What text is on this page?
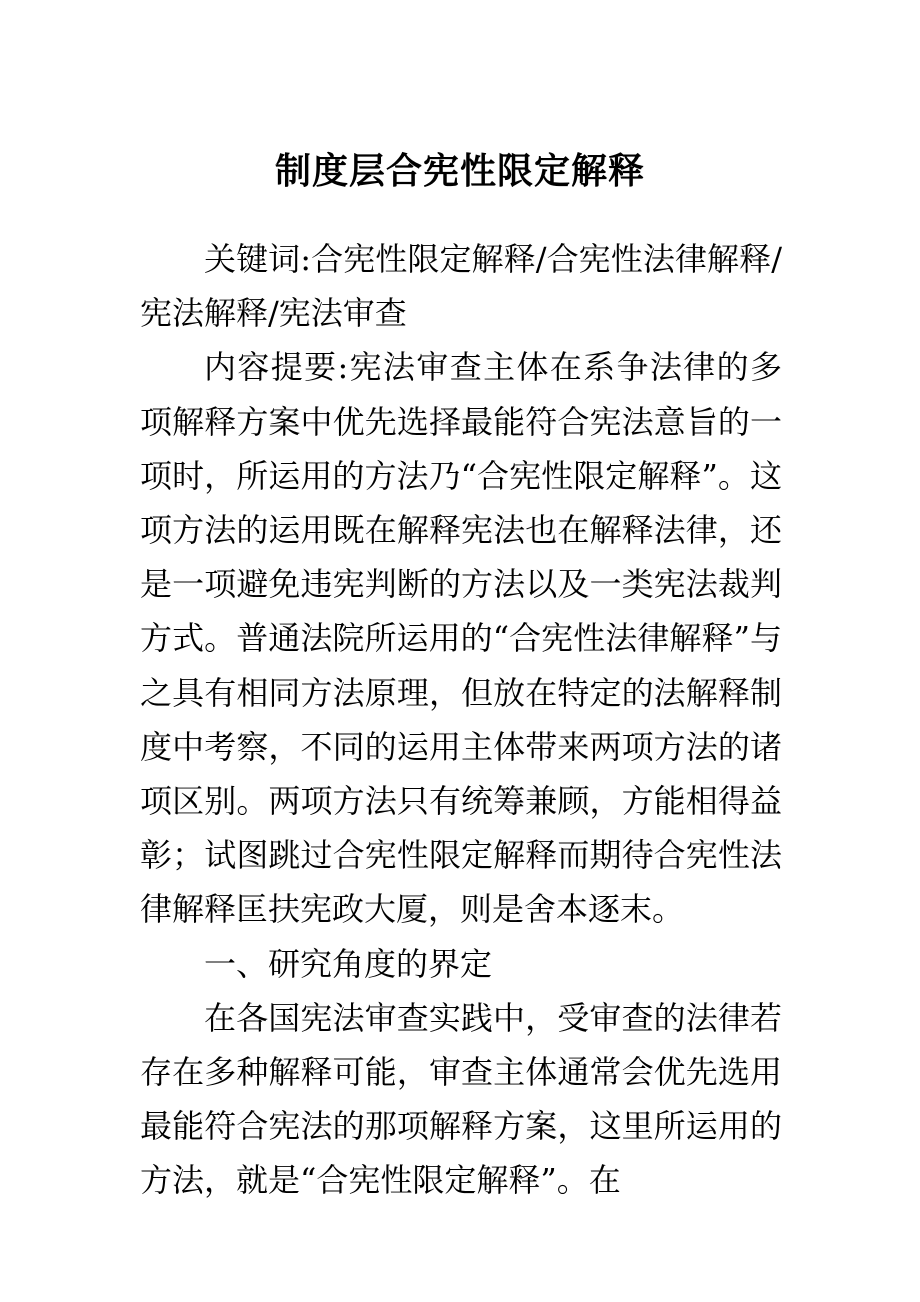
制度层合宪性限定解释

关键词:合宪性限定解释/合宪性法律解释/宪法解释/宪法审查

内容提要:宪法审查主体在系争法律的多项解释方案中优先选择最能符合宪法意旨的一项时，所运用的方法乃“合宪性限定解释”。这项方法的运用既在解释宪法也在解释法律，还是一项避免违宪判断的方法以及一类宪法裁判方式。普通法院所运用的“合宪性法律解释”与之具有相同方法原理，但放在特定的法解释制度中考察，不同的运用主体带来两项方法的诸项区别。两项方法只有统筹兼顾，方能相得益彰；试图跳过合宪性限定解释而期待合宪性法律解释匡扶宪政大厦，则是舍本逐末。

一、研究角度的界定

在各国宪法审查实践中，受审查的法律若存在多种解释可能，审查主体通常会优先选用最能符合宪法的那项解释方案，这里所运用的方法，就是“合宪性限定解释”。在
